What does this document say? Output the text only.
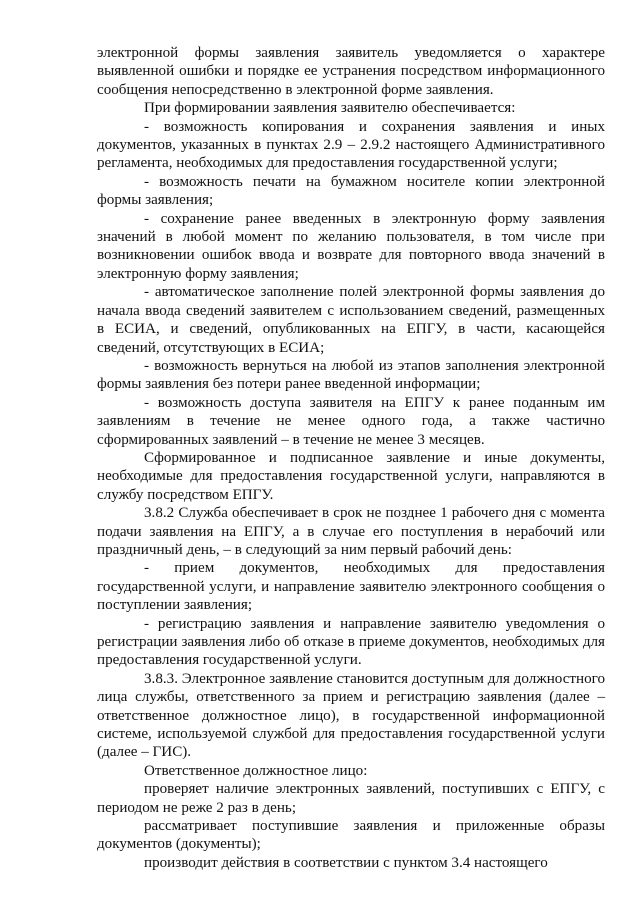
электронной формы заявления заявитель уведомляется о характере выявленной ошибки и порядке ее устранения посредством информационного сообщения непосредственно в электронной форме заявления.

При формировании заявления заявителю обеспечивается:

- возможность копирования и сохранения заявления и иных документов, указанных в пунктах 2.9 – 2.9.2 настоящего Административного регламента, необходимых для предоставления государственной услуги;

- возможность печати на бумажном носителе копии электронной формы заявления;

- сохранение ранее введенных в электронную форму заявления значений в любой момент по желанию пользователя, в том числе при возникновении ошибок ввода и возврате для повторного ввода значений в электронную форму заявления;

- автоматическое заполнение полей электронной формы заявления до начала ввода сведений заявителем с использованием сведений, размещенных в ЕСИА, и сведений, опубликованных на ЕПГУ, в части, касающейся сведений, отсутствующих в ЕСИА;

- возможность вернуться на любой из этапов заполнения электронной формы заявления без потери ранее введенной информации;

- возможность доступа заявителя на ЕПГУ к ранее поданным им заявлениям в течение не менее одного года, а также частично сформированных заявлений – в течение не менее 3 месяцев.

Сформированное и подписанное заявление и иные документы, необходимые для предоставления государственной услуги, направляются в службу посредством ЕПГУ.

3.8.2 Служба обеспечивает в срок не позднее 1 рабочего дня с момента подачи заявления на ЕПГУ, а в случае его поступления в нерабочий или праздничный день, – в следующий за ним первый рабочий день:

- прием документов, необходимых для предоставления государственной услуги, и направление заявителю электронного сообщения о поступлении заявления;

- регистрацию заявления и направление заявителю уведомления о регистрации заявления либо об отказе в приеме документов, необходимых для предоставления государственной услуги.

3.8.3. Электронное заявление становится доступным для должностного лица службы, ответственного за прием и регистрацию заявления (далее – ответственное должностное лицо), в государственной информационной системе, используемой службой для предоставления государственной услуги (далее – ГИС).

Ответственное должностное лицо:

проверяет наличие электронных заявлений, поступивших с ЕПГУ, с периодом не реже 2 раз в день;

рассматривает поступившие заявления и приложенные образы документов (документы);

производит действия в соответствии с пунктом 3.4 настоящего
